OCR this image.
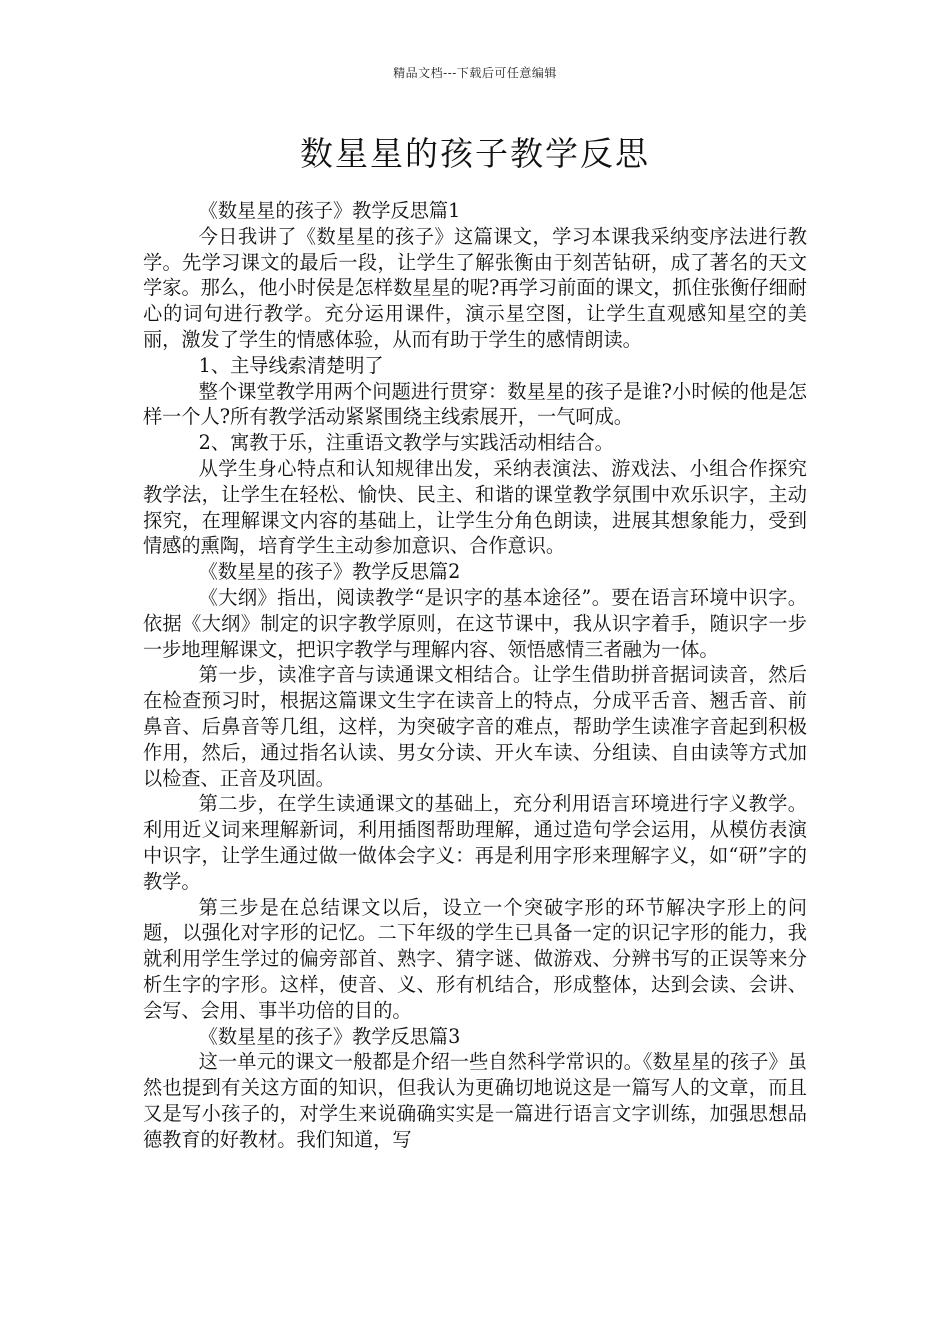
精品文档---下载后可任意编辑
数星星的孩子教学反思

《数星星的孩子》教学反思篇1

今日我讲了《数星星的孩子》这篇课文，学习本课我采纳变序法进行教学。先学习课文的最后一段，让学生了解张衡由于刻苦钻研，成了著名的天文学家。那么，他小时侯是怎样数星星的呢?再学习前面的课文，抓住张衡仔细耐心的词句进行教学。充分运用课件，演示星空图，让学生直观感知星空的美丽，激发了学生的情感体验，从而有助于学生的感情朗读。

1、主导线索清楚明了

整个课堂教学用两个问题进行贯穿：数星星的孩子是谁?小时候的他是怎样一个人?所有教学活动紧紧围绕主线索展开，一气呵成。

2、寓教于乐，注重语文教学与实践活动相结合。

从学生身心特点和认知规律出发，采纳表演法、游戏法、小组合作探究教学法，让学生在轻松、愉快、民主、和谐的课堂教学氛围中欢乐识字，主动探究，在理解课文内容的基础上，让学生分角色朗读，进展其想象能力，受到情感的熏陶，培育学生主动参加意识、合作意识。

《数星星的孩子》教学反思篇2

《大纲》指出，阅读教学“是识字的基本途径”。要在语言环境中识字。依据《大纲》制定的识字教学原则，在这节课中，我从识字着手，随识字一步一步地理解课文，把识字教学与理解内容、领悟感情三者融为一体。

第一步，读准字音与读通课文相结合。让学生借助拼音据词读音，然后在检查预习时，根据这篇课文生字在读音上的特点，分成平舌音、翘舌音、前鼻音、后鼻音等几组，这样，为突破字音的难点，帮助学生读准字音起到积极作用，然后，通过指名认读、男女分读、开火车读、分组读、自由读等方式加以检查、正音及巩固。

第二步，在学生读通课文的基础上，充分利用语言环境进行字义教学。利用近义词来理解新词，利用插图帮助理解，通过造句学会运用，从模仿表演中识字，让学生通过做一做体会字义：再是利用字形来理解字义，如“研”字的教学。

第三步是在总结课文以后，设立一个突破字形的环节解决字形上的问题，以强化对字形的记忆。二下年级的学生已具备一定的识记字形的能力，我就利用学生学过的偏旁部首、熟字、猜字谜、做游戏、分辨书写的正误等来分析生字的字形。这样，使音、义、形有机结合，形成整体，达到会读、会讲、会写、会用、事半功倍的目的。

《数星星的孩子》教学反思篇3

这一单元的课文一般都是介绍一些自然科学常识的。《数星星的孩子》虽然也提到有关这方面的知识，但我认为更确切地说这是一篇写人的文章，而且又是写小孩子的，对学生来说确确实实是一篇进行语言文字训练，加强思想品德教育的好教材。我们知道，写
